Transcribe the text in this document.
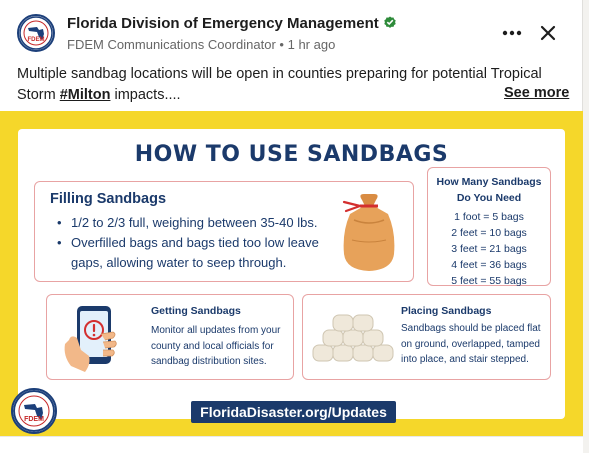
FDEM
Florida Division of Emergency Management
FDEM Communications Coordinator • 1 hr ago
Multiple sandbag locations will be open in counties preparing for potential Tropical Storm #Milton impacts....	See more
HOW TO USE SANDBAGS
Filling Sandbags
• 1/2 to 2/3 full, weighing between 35-40 lbs.
• Overfilled bags and bags tied too low leave gaps, allowing water to seep through.
How Many Sandbags
Do You Need
1 foot = 5 bags
2 feet = 10 bags
3 feet = 21 bags
4 feet = 36 bags
5 feet = 55 bags
Getting Sandbags
Monitor all updates from your
county and local officials for
sandbag distribution sites.
Placing Sandbags
Sandbags should be placed flat
on ground, overlapped, tamped
into place, and stair stepped.
FloridaDisaster.org/Updates
FDEM
